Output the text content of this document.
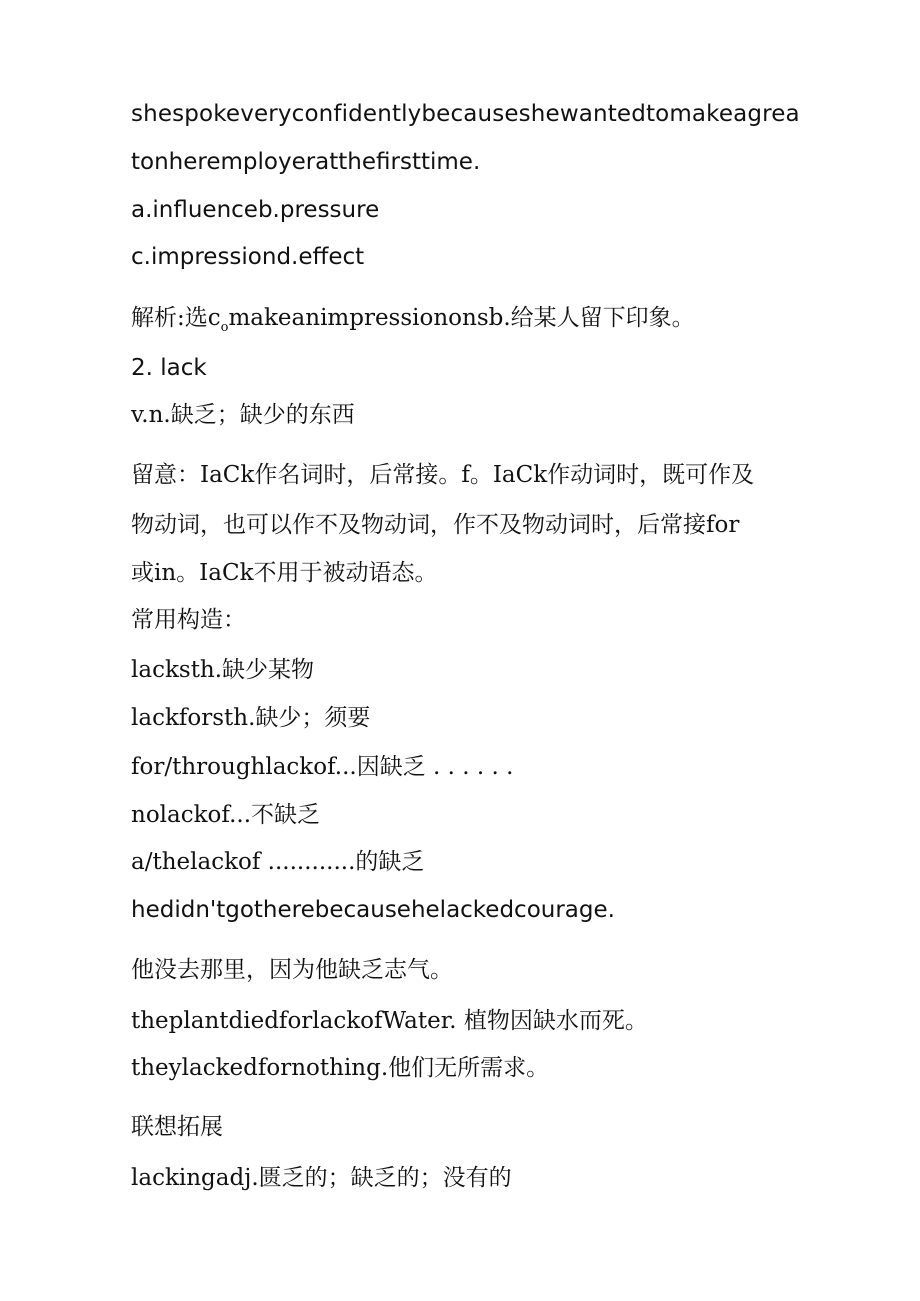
shespokeveryconfidentlybecauseshewantedtomakeagrea
tonheremployeratthefirsttime.
a.influenceb.pressure
c.impressiond.effect
解析:选$c_omakeanimpressiononsb$.给某人留下印象。
2. lack
v.n.缺乏；缺少的东西
留意：IaCk作名词时，后常接。f。IaCk作动词时，既可作及
物动词，也可以作不及物动词，作不及物动词时，后常接for
或in。IaCk不用于被动语态。
常用构造：
lacksth.缺少某物
lackforsth.缺少；须要
for/throughlackof...因缺乏 . . . . . .
nolackof...不缺乏
a/thelackof ............的缺乏
hedidn'tgotherebecausehelackedcourage.
他没去那里，因为他缺乏志气。
theplantdiedforlackofWater. 植物因缺水而死。
theylackedfornothing.他们无所需求。
联想拓展
lackingadj.匮乏的；缺乏的；没有的
